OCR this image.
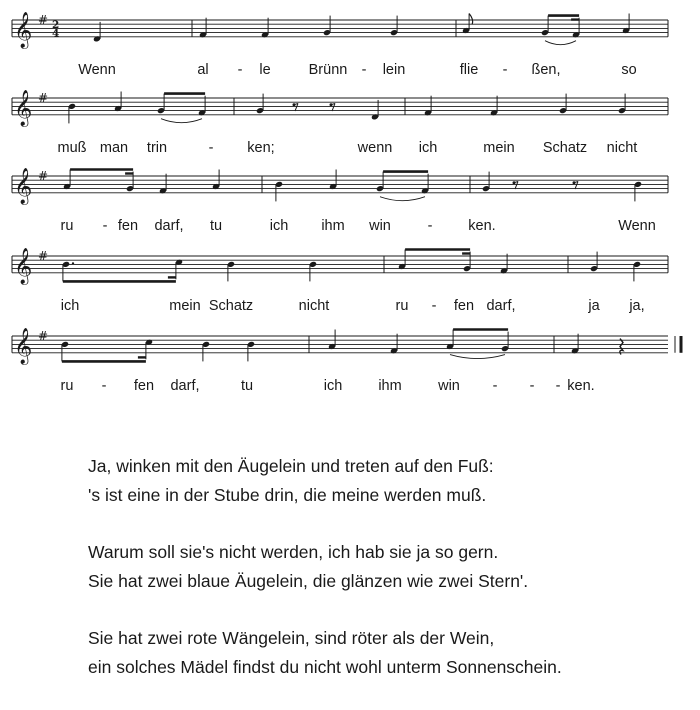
𝄞 # 2
4
Wenn	al - le	Brünn - lein	flie - ßen,	so
𝄞 #
muß man trin	- ken;	wenn ich	mein Schatz nicht
𝄞 #
ru - fen darf, tu	ich ihm win	- ken.	Wenn
𝄞 #
ich	mein Schatz	nicht	ru - fen darf,	ja ja,
𝄞 #
ru - fen darf,	tu	ich ihm	win - - - ken.
Ja, winken mit den Äugelein und treten auf den Fuß:
's ist eine in der Stube drin, die meine werden muß.
Warum soll sie's nicht werden, ich hab sie ja so gern.
Sie hat zwei blaue Äugelein, die glänzen wie zwei Stern'.
Sie hat zwei rote Wängelein, sind röter als der Wein,
ein solches Mädel findst du nicht wohl unterm Sonnenschein.
